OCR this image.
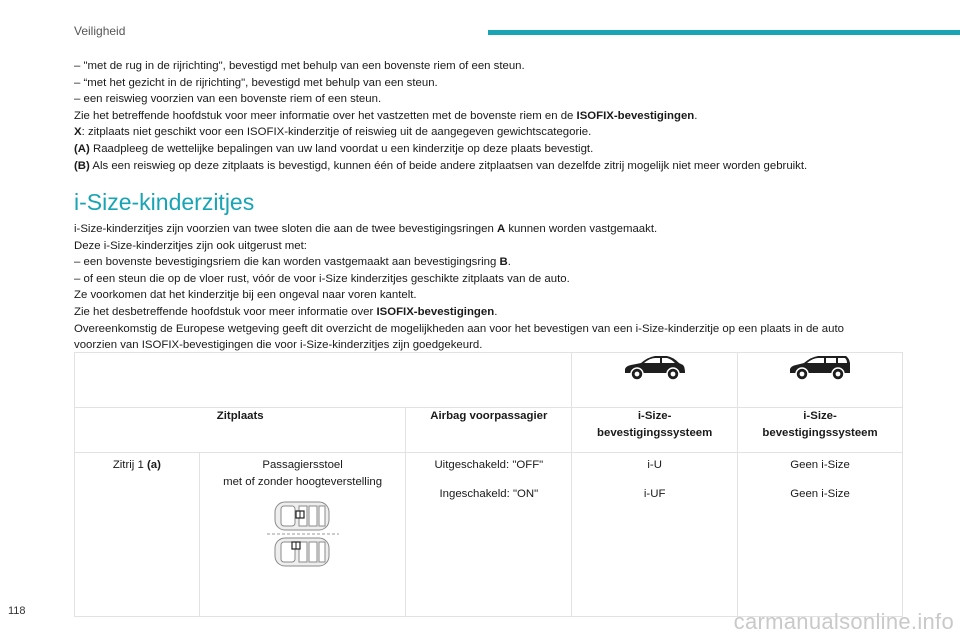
Veiligheid

– "met de rug in de rijrichting", bevestigd met behulp van een bovenste riem of een steun.

– “met het gezicht in de rijrichting", bevestigd met behulp van een steun.

– een reiswieg voorzien van een bovenste riem of een steun.

Zie het betreffende hoofdstuk voor meer informatie over het vastzetten met de bovenste riem en de ISOFIX-bevestigingen.

X: zitplaats niet geschikt voor een ISOFIX-kinderzitje of reiswieg uit de aangegeven gewichtscategorie.

(A) Raadpleeg de wettelijke bepalingen van uw land voordat u een kinderzitje op deze plaats bevestigt.

(B) Als een reiswieg op deze zitplaats is bevestigd, kunnen één of beide andere zitplaatsen van dezelfde zitrij mogelijk niet meer worden gebruikt.

i-Size-kinderzitjes

i-Size-kinderzitjes zijn voorzien van twee sloten die aan de twee bevestigingsringen A kunnen worden vastgemaakt.

Deze i-Size-kinderzitjes zijn ook uitgerust met:

– een bovenste bevestigingsriem die kan worden vastgemaakt aan bevestigingsring B.

– of een steun die op de vloer rust, vóór de voor i-Size kinderzitjes geschikte zitplaats van de auto.

Ze voorkomen dat het kinderzitje bij een ongeval naar voren kantelt.

Zie het desbetreffende hoofdstuk voor meer informatie over ISOFIX-bevestigingen.

Overeenkomstig de Europese wetgeving geeft dit overzicht de mogelijkheden aan voor het bevestigen van een i-Size-kinderzitje op een plaats in de auto

voorzien van ISOFIX-bevestigingen die voor i-Size-kinderzitjes zijn goedgekeurd.

Zitplaats		Airbag voorpassagier	i-Size-
bevestigingssysteem	i-Size-
bevestigingssysteem
Zitrij 1 (a)	Passagiersstoel
met of zonder hoogteverstelling	Uitgeschakeld: "OFF"	i-U	Geen i-Size
		Ingeschakeld: "ON"	i-UF	Geen i-Size
118	carmanualsonline.info
